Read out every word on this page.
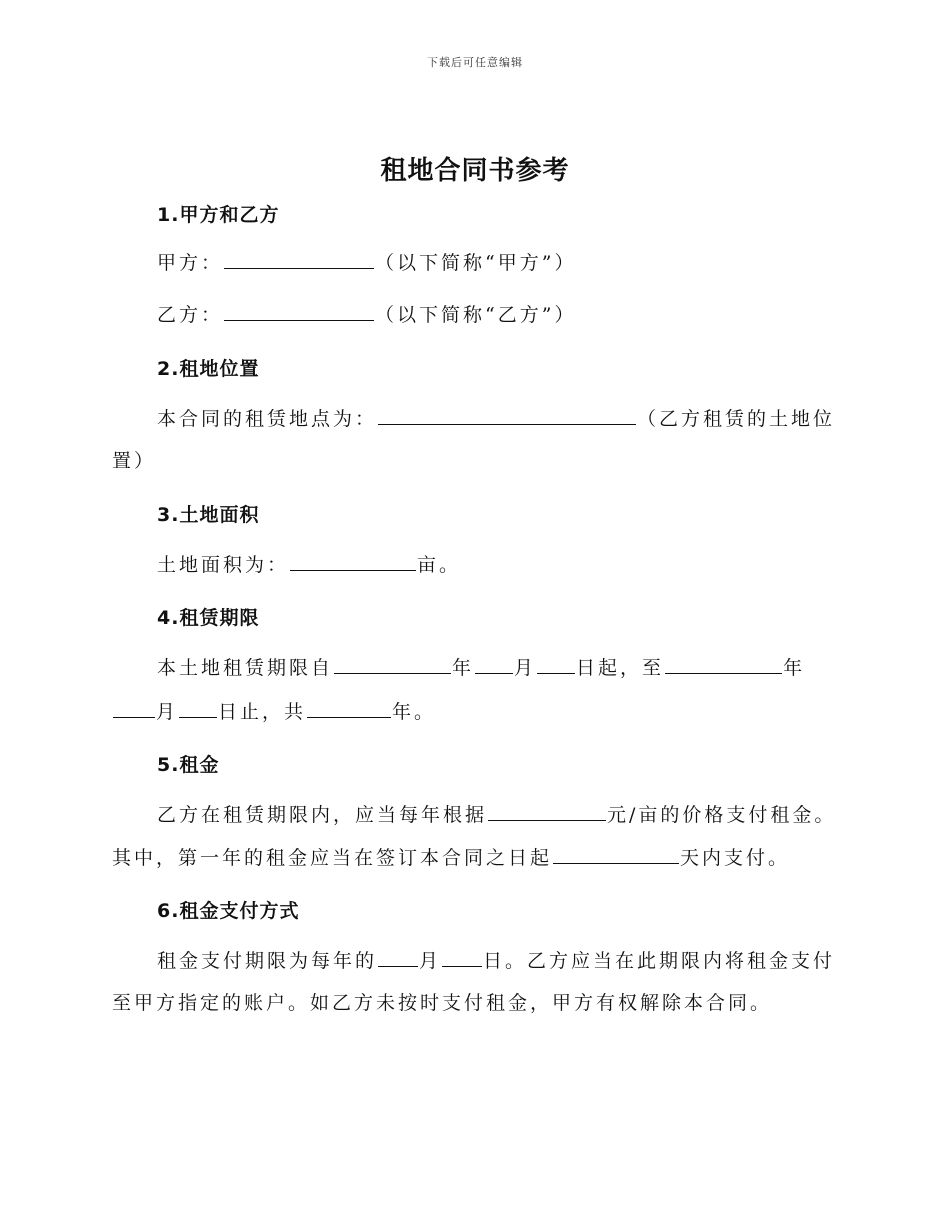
下载后可任意编辑
租地合同书参考
1.甲方和乙方
甲方：	（以下简称“甲方”）
乙方：	（以下简称“乙方”）
2.租地位置
本合同的租赁地点为：	（乙方租赁的土地位
置）
3.土地面积
土地面积为：	亩。
4.租赁期限
本土地租赁期限自	年 月 日起，至	年
月 日止，共	年。
5.租金
乙方在租赁期限内，应当每年根据	元/亩的价格支付租金。
其中，第一年的租金应当在签订本合同之日起	天内支付。
6.租金支付方式
租金支付期限为每年的 月 日。乙方应当在此期限内将租金支付
至甲方指定的账户。如乙方未按时支付租金，甲方有权解除本合同。
